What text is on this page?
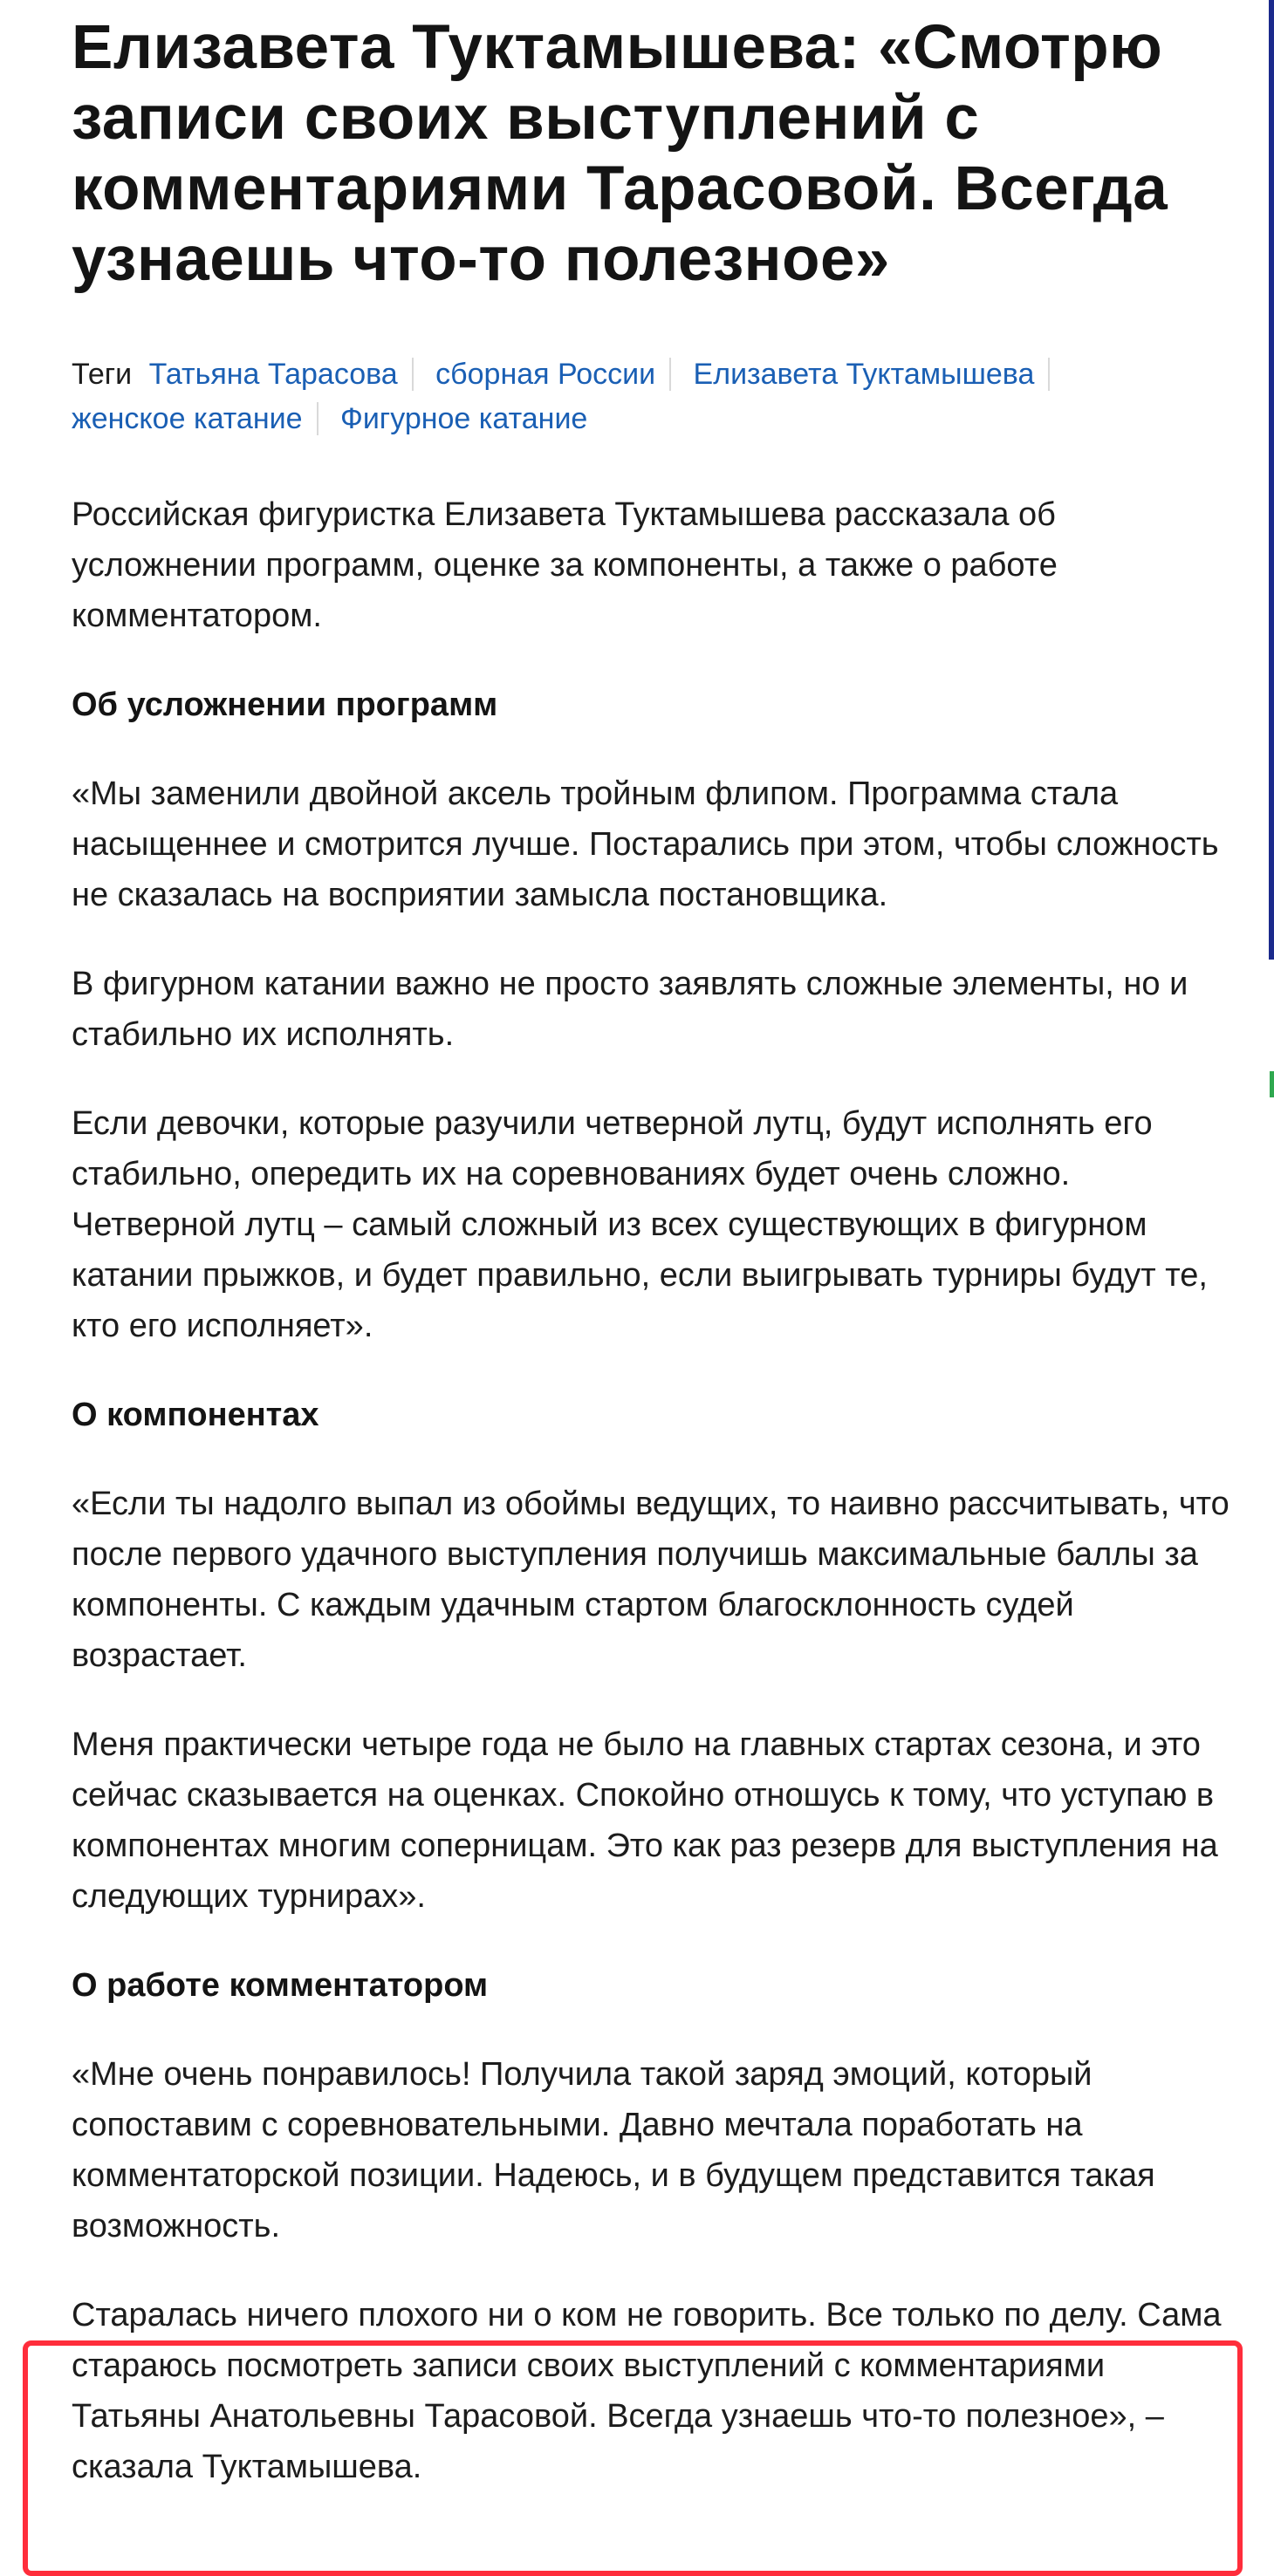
Елизавета Туктамышева: «Смотрю записи своих выступлений с комментариями Тарасовой. Всегда узнаешь что-то полезное»
Теги Татьяна Тарасова сборная России Елизавета Туктамышева женское катание Фигурное катание

Российская фигуристка Елизавета Туктамышева рассказала об усложнении программ, оценке за компоненты, а также о работе комментатором.

Об усложнении программ

«Мы заменили двойной аксель тройным флипом. Программа стала насыщеннее и смотрится лучше. Постарались при этом, чтобы сложность не сказалась на восприятии замысла постановщика.

В фигурном катании важно не просто заявлять сложные элементы, но и стабильно их исполнять.

Если девочки, которые разучили четверной лутц, будут исполнять его стабильно, опередить их на соревнованиях будет очень сложно. Четверной лутц – самый сложный из всех существующих в фигурном катании прыжков, и будет правильно, если выигрывать турниры будут те, кто его исполняет».

О компонентах

«Если ты надолго выпал из обоймы ведущих, то наивно рассчитывать, что после первого удачного выступления получишь максимальные баллы за компоненты. С каждым удачным стартом благосклонность судей возрастает.

Меня практически четыре года не было на главных стартах сезона, и это сейчас сказывается на оценках. Спокойно отношусь к тому, что уступаю в компонентах многим соперницам. Это как раз резерв для выступления на следующих турнирах».

О работе комментатором

«Мне очень понравилось! Получила такой заряд эмоций, который сопоставим с соревновательными. Давно мечтала поработать на комментаторской позиции. Надеюсь, и в будущем представится такая возможность.

Старалась ничего плохого ни о ком не говорить. Все только по делу. Сама стараюсь посмотреть записи своих выступлений с комментариями Татьяны Анатольевны Тарасовой. Всегда узнаешь что-то полезное», – сказала Туктамышева.
